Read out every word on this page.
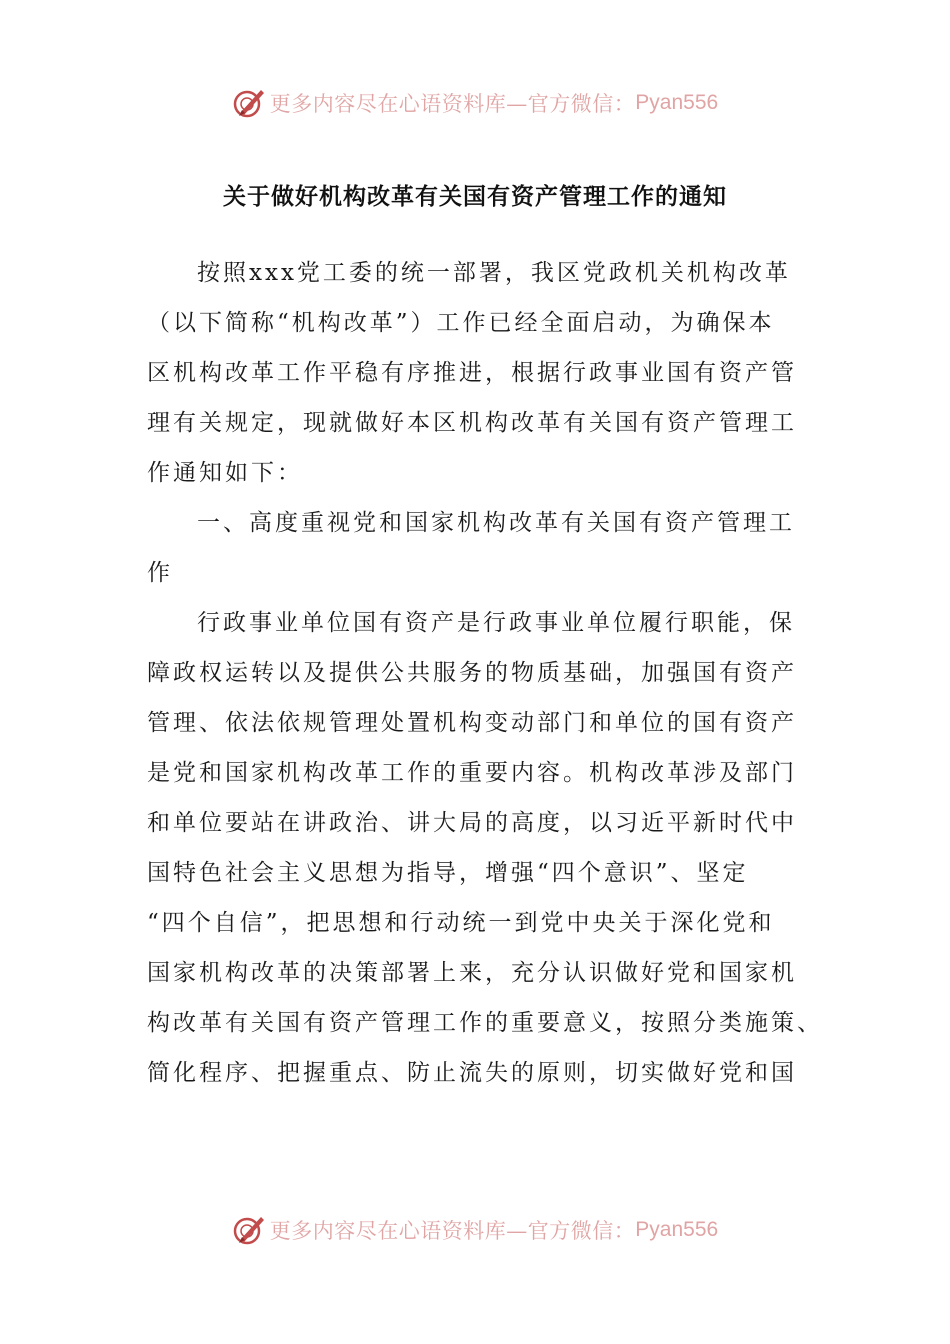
更多内容尽在心语资料库—官方微信： Pyan556
关于做好机构改革有关国有资产管理工作的通知
按照xxx党工委的统一部署，我区党政机关机构改革
（以下简称“机构改革”）工作已经全面启动，为确保本
区机构改革工作平稳有序推进，根据行政事业国有资产管
理有关规定，现就做好本区机构改革有关国有资产管理工
作通知如下：
一、高度重视党和国家机构改革有关国有资产管理工
作
行政事业单位国有资产是行政事业单位履行职能，保
障政权运转以及提供公共服务的物质基础，加强国有资产
管理、依法依规管理处置机构变动部门和单位的国有资产
是党和国家机构改革工作的重要内容。机构改革涉及部门
和单位要站在讲政治、讲大局的高度，以习近平新时代中
国特色社会主义思想为指导，增强“四个意识”、坚定
“四个自信”，把思想和行动统一到党中央关于深化党和
国家机构改革的决策部署上来，充分认识做好党和国家机
构改革有关国有资产管理工作的重要意义，按照分类施策、
简化程序、把握重点、防止流失的原则，切实做好党和国
更多内容尽在心语资料库—官方微信： Pyan556
